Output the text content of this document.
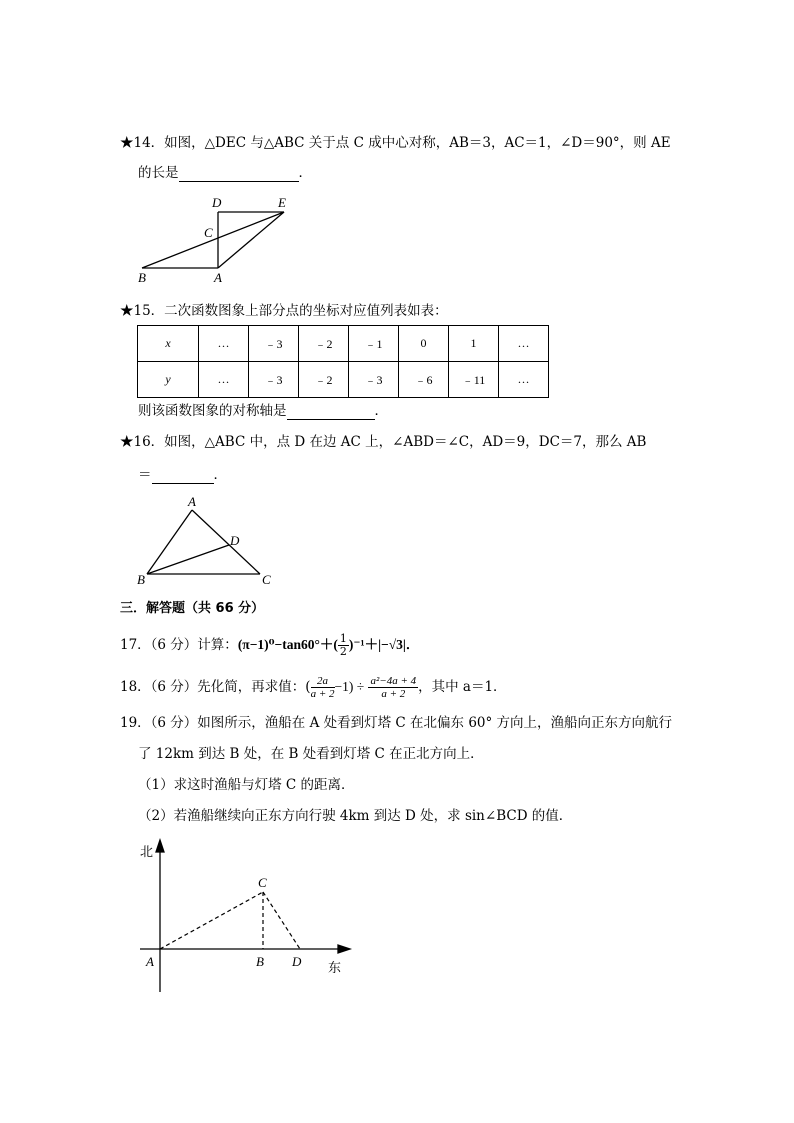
★14．如图，△DEC 与△ABC 关于点 C 成中心对称，AB＝3，AC＝1，∠D＝90°，则 AE
的长是	．
D	E
C
B	A
★15．二次函数图象上部分点的坐标对应值列表如表：
x	…	﹣3	﹣2	﹣1	0	1	…
y	…	﹣3	﹣2	﹣3	﹣6	﹣11	…
则该函数图象的对称轴是	．
★16．如图，△ABC 中，点 D 在边 AC 上，∠ABD＝∠C，AD＝9，DC＝7，那么 AB
＝	．
A
D
B	C
三．解答题（共 66 分）
17．（6 分）计算：$(\pi-1)^0-\tan 60^\circ+( \frac{1}{2} )^{-1}+|-√3|$．
18．（6 分）先化简，再求值：( $\frac{2a}{a + 2} -1) \div \frac{\text{a²−4a + 4}}{a + 2}$ ，其中 a＝1．
19．（6 分）如图所示，渔船在 A 处看到灯塔 C 在北偏东 60° 方向上，渔船向正东方向航行
了 12km 到达 B 处，在 B 处看到灯塔 C 在正北方向上．
（1）求这时渔船与灯塔 C 的距离．
（2）若渔船继续向正东方向行驶 4km 到达 D 处，求 sin∠BCD 的值．
北
东
A	B
C
D
